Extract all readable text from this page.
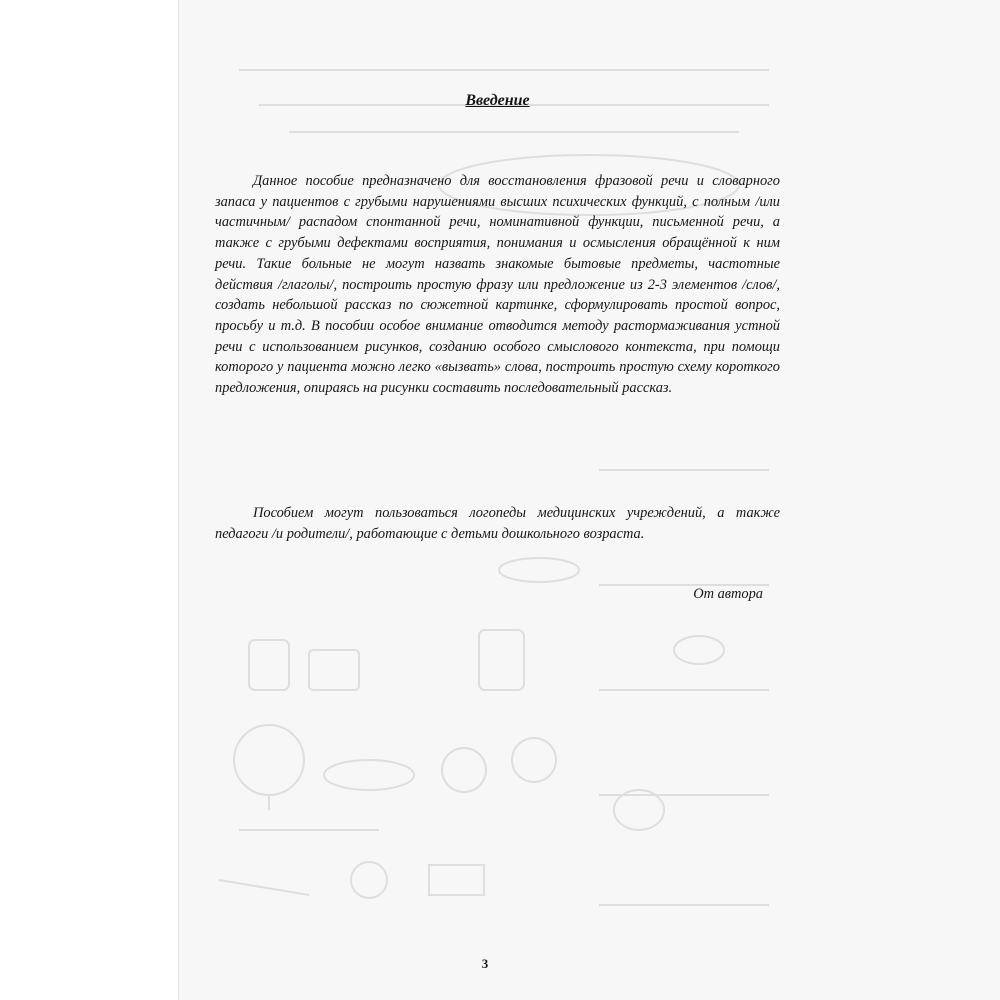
Введение

Данное пособие предназначено для восстановления фразовой речи и словарного запаса у пациентов с грубыми нарушениями высших психических функций, с полным /или частичным/ распадом спонтанной речи, номинативной функции, письменной речи, а также с грубыми дефектами восприятия, понимания и осмысления обращённой к ним речи. Такие больные не могут назвать знакомые бытовые предметы, частотные действия /глаголы/, построить простую фразу или предложение из 2-3 элементов /слов/, создать небольшой рассказ по сюжетной картинке, сформулировать простой вопрос, просьбу и т.д. В пособии особое внимание отводится методу растормаживания устной речи с использованием рисунков, созданию особого смыслового контекста, при помощи которого у пациента можно легко «вызвать» слова, построить простую схему короткого предложения, опираясь на рисунки составить последовательный рассказ.

Пособием могут пользоваться логопеды медицинских учреждений, а также педагоги /и родители/, работающие с детьми дошкольного возраста.

От автора

3
